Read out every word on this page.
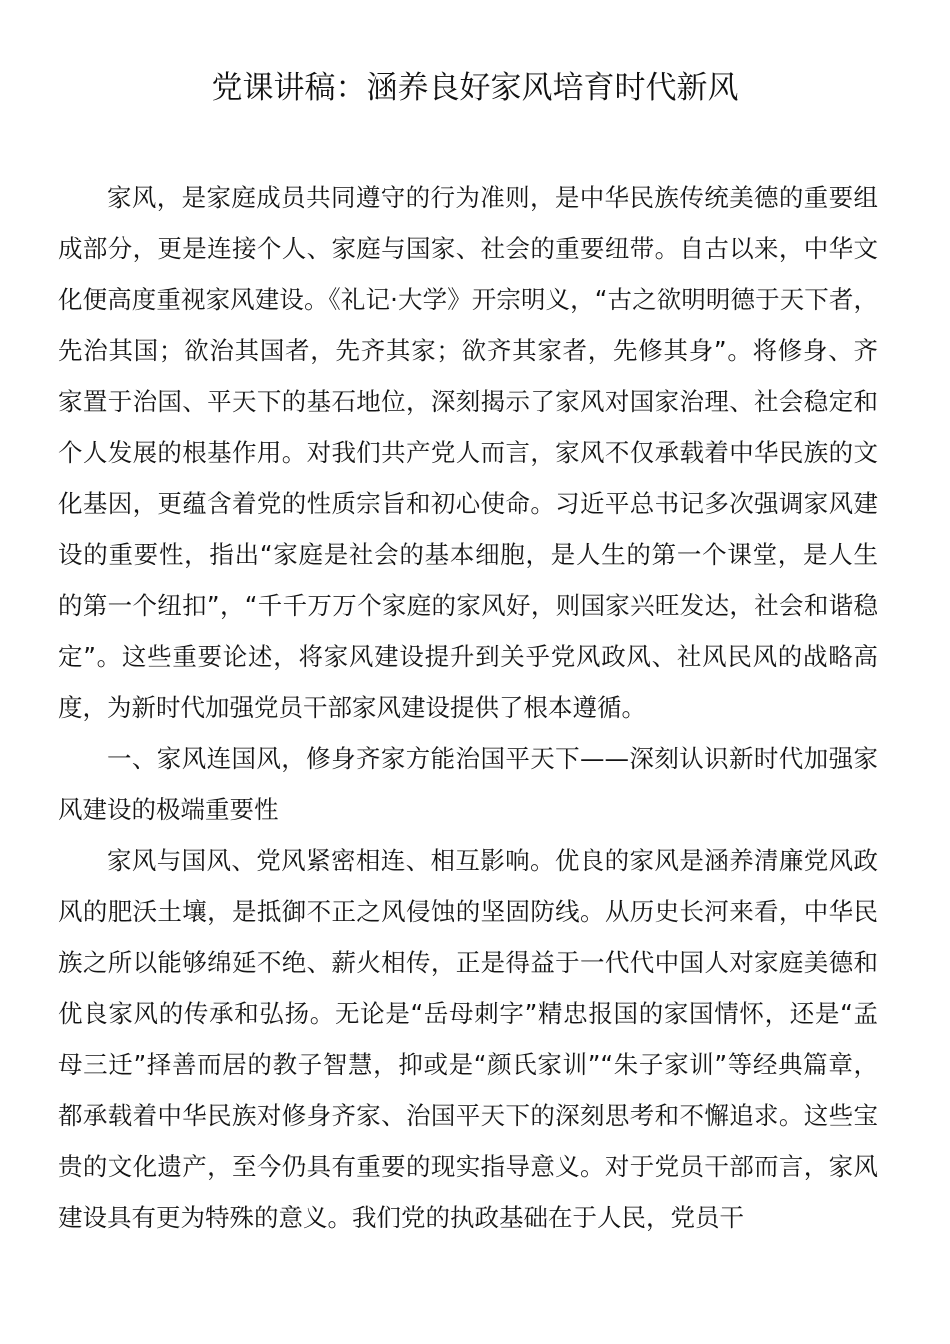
党课讲稿：涵养良好家风培育时代新风

家风，是家庭成员共同遵守的行为准则，是中华民族传统美德的重要组成部分，更是连接个人、家庭与国家、社会的重要纽带。自古以来，中华文化便高度重视家风建设。《礼记·大学》开宗明义，“古之欲明明德于天下者，先治其国；欲治其国者，先齐其家；欲齐其家者，先修其身”。将修身、齐家置于治国、平天下的基石地位，深刻揭示了家风对国家治理、社会稳定和个人发展的根基作用。对我们共产党人而言，家风不仅承载着中华民族的文化基因，更蕴含着党的性质宗旨和初心使命。习近平总书记多次强调家风建设的重要性，指出“家庭是社会的基本细胞，是人生的第一个课堂，是人生的第一个纽扣”，“千千万万个家庭的家风好，则国家兴旺发达，社会和谐稳定”。这些重要论述，将家风建设提升到关乎党风政风、社风民风的战略高度，为新时代加强党员干部家风建设提供了根本遵循。

一、家风连国风，修身齐家方能治国平天下——深刻认识新时代加强家风建设的极端重要性

家风与国风、党风紧密相连、相互影响。优良的家风是涵养清廉党风政风的肥沃土壤，是抵御不正之风侵蚀的坚固防线。从历史长河来看，中华民族之所以能够绵延不绝、薪火相传，正是得益于一代代中国人对家庭美德和优良家风的传承和弘扬。无论是“岳母刺字”精忠报国的家国情怀，还是“孟母三迁”择善而居的教子智慧，抑或是“颜氏家训”“朱子家训”等经典篇章，都承载着中华民族对修身齐家、治国平天下的深刻思考和不懈追求。这些宝贵的文化遗产，至今仍具有重要的现实指导意义。对于党员干部而言，家风建设具有更为特殊的意义。我们党的执政基础在于人民，党员干
